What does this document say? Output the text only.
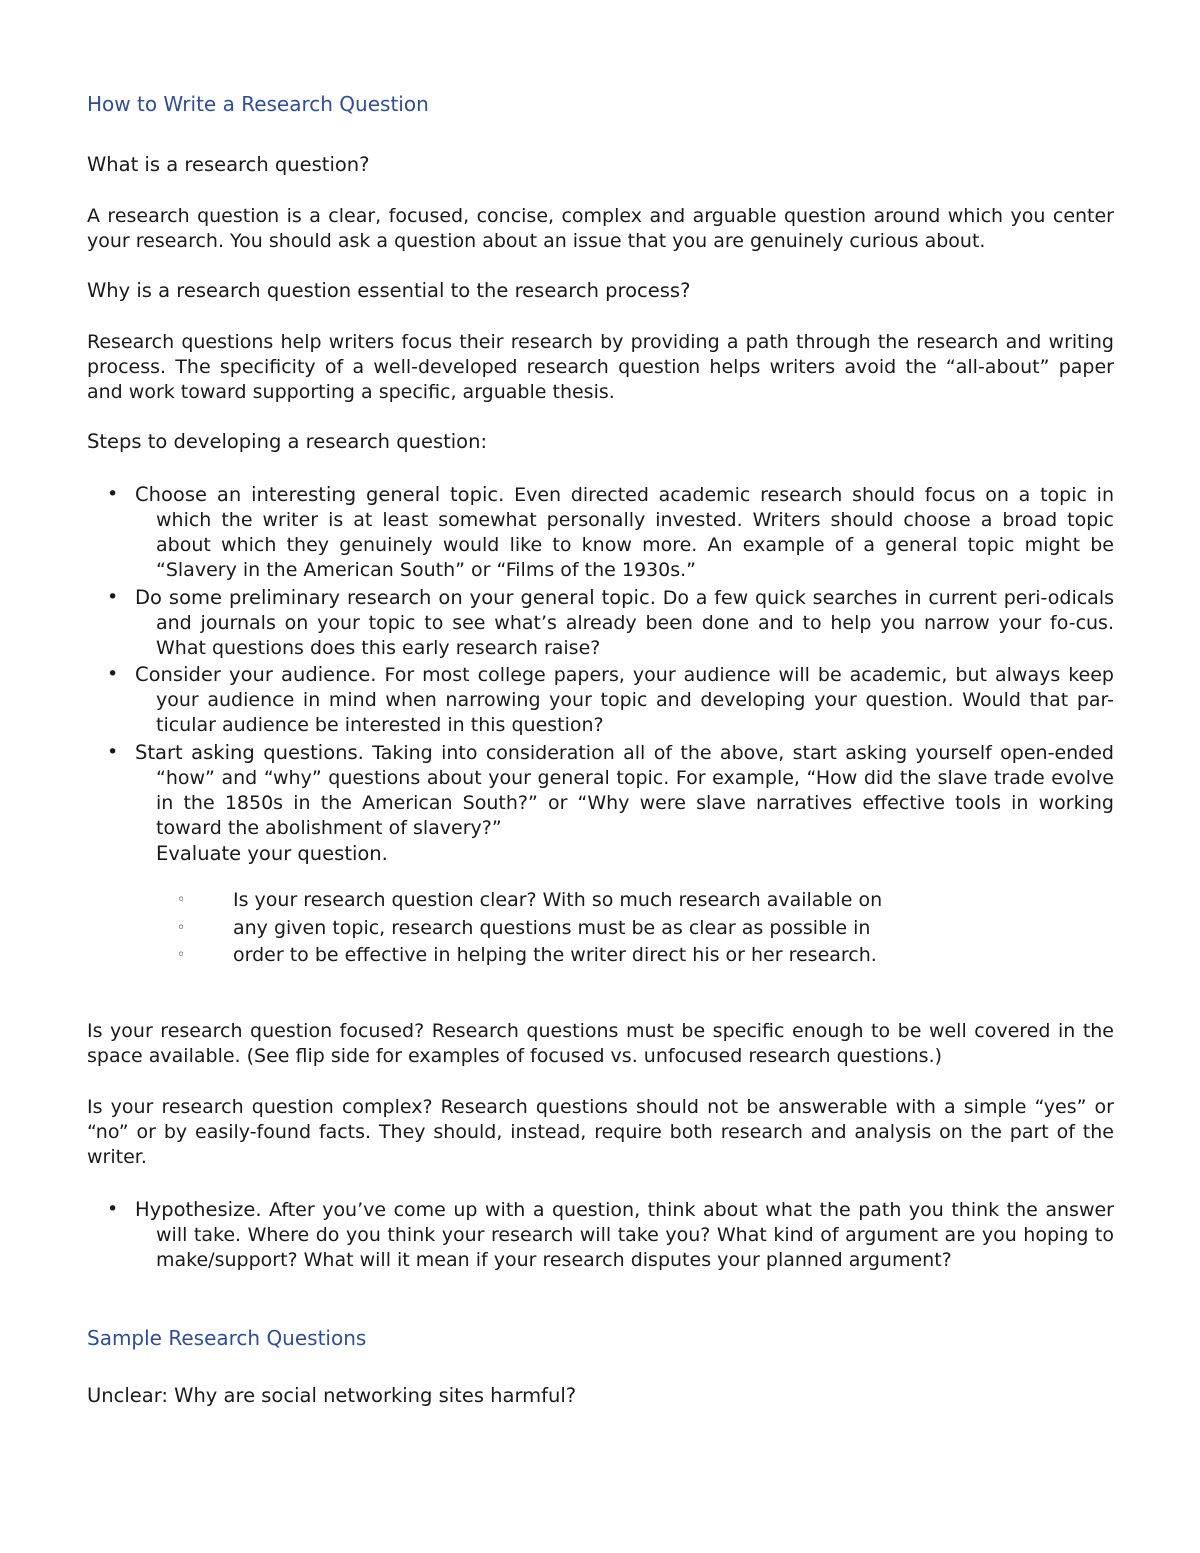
How to Write a Research Question

What is a research question?

A research question is a clear, focused, concise, complex and arguable question around which you center your research. You should ask a question about an issue that you are genuinely curious about.

Why is a research question essential to the research process?

Research questions help writers focus their research by providing a path through the research and writing process. The specificity of a well-developed research question helps writers avoid the “all-about” paper and work toward supporting a specific, arguable thesis.

Steps to developing a research question:

• Choose an interesting general topic. Even directed academic research should focus on a topic in which the writer is at least somewhat personally invested. Writers should choose a broad topic about which they genuinely would like to know more. An example of a general topic might be “Slavery in the American South” or “Films of the 1930s.”
• Do some preliminary research on your general topic. Do a few quick searches in current peri-odicals and journals on your topic to see what’s already been done and to help you narrow your fo-cus. What questions does this early research raise?
• Consider your audience. For most college papers, your audience will be academic, but always keep your audience in mind when narrowing your topic and developing your question. Would that par-ticular audience be interested in this question?
• Start asking questions. Taking into consideration all of the above, start asking yourself open-ended “how” and “why” questions about your general topic. For example, “How did the slave trade evolve in the 1850s in the American South?” or “Why were slave narratives effective tools in working toward the abolishment of slavery?”
Evaluate your question.
◦	Is your research question clear? With so much research available on
◦	any given topic, research questions must be as clear as possible in
◦	order to be effective in helping the writer direct his or her research.

Is your research question focused? Research questions must be specific enough to be well covered in the space available. (See flip side for examples of focused vs. unfocused research questions.)

Is your research question complex? Research questions should not be answerable with a simple “yes” or “no” or by easily-found facts. They should, instead, require both research and analysis on the part of the writer.

• Hypothesize. After you’ve come up with a question, think about what the path you think the answer will take. Where do you think your research will take you? What kind of argument are you hoping to make/support? What will it mean if your research disputes your planned argument?
Sample Research Questions

Unclear: Why are social networking sites harmful?
